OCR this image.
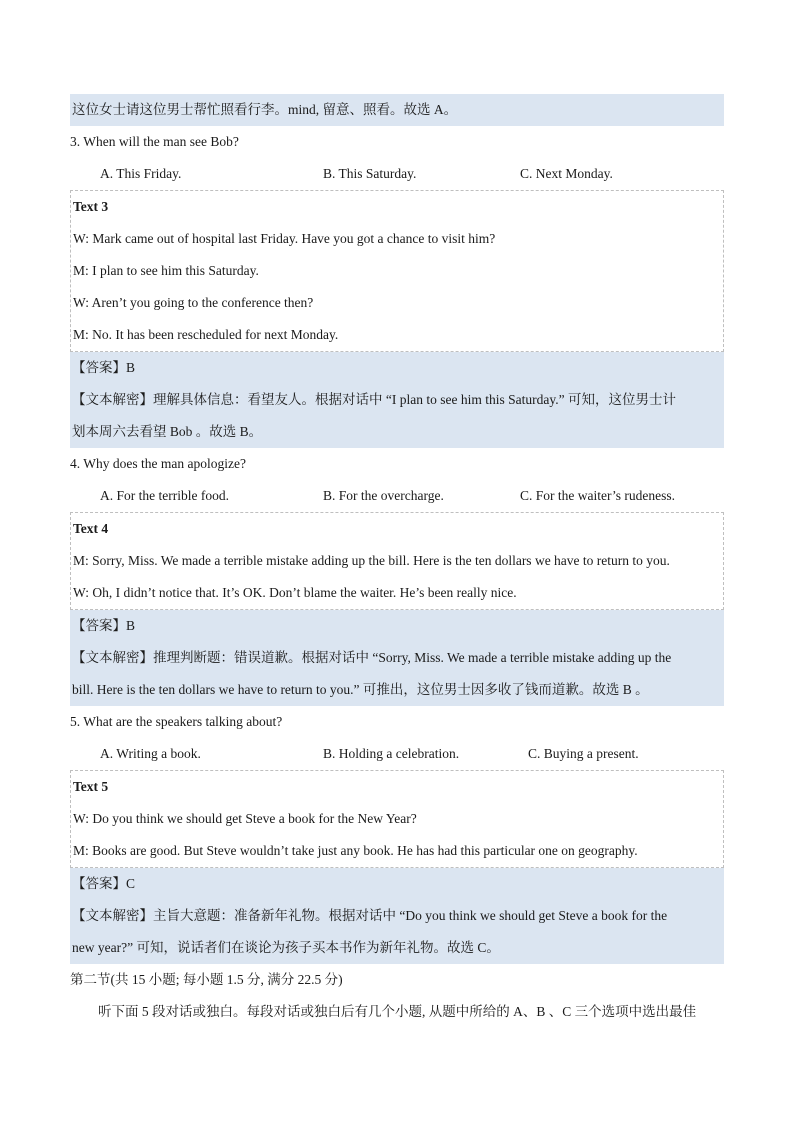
这位女士请这位男士帮忙照看行李。mind, 留意、照看。故选 A。
3. When will the man see Bob?
A. This Friday.	B. This Saturday.	C. Next Monday.
Text 3
W: Mark came out of hospital last Friday. Have you got a chance to visit him?
M: I plan to see him this Saturday.
W: Aren’t you going to the conference then?
M: No. It has been rescheduled for next Monday.
【答案】B
【文本解密】理解具体信息：看望友人。根据对话中 “I plan to see him this Saturday.” 可知，这位男士计
划本周六去看望 Bob 。故选 B。
4. Why does the man apologize?
A. For the terrible food.	B. For the overcharge.	C. For the waiter’s rudeness.
Text 4
M: Sorry, Miss. We made a terrible mistake adding up the bill. Here is the ten dollars we have to return to you.
W: Oh, I didn’t notice that. It’s OK. Don’t blame the waiter. He’s been really nice.
【答案】B
【文本解密】推理判断题：错误道歉。根据对话中 “Sorry, Miss. We made a terrible mistake adding up the
bill. Here is the ten dollars we have to return to you.” 可推出，这位男士因多收了钱而道歉。故选 B 。
5. What are the speakers talking about?
A. Writing a book.	B. Holding a celebration.	C. Buying a present.
Text 5
W: Do you think we should get Steve a book for the New Year?
M: Books are good. But Steve wouldn’t take just any book. He has had this particular one on geography.
【答案】C
【文本解密】主旨大意题：准备新年礼物。根据对话中 “Do you think we should get Steve a book for the
new year?” 可知，说话者们在谈论为孩子买本书作为新年礼物。故选 C。
第二节(共 15 小题; 每小题 1.5 分, 满分 22.5 分)
听下面 5 段对话或独白。每段对话或独白后有几个小题, 从题中所给的 A、B 、C 三个选项中选出最佳
